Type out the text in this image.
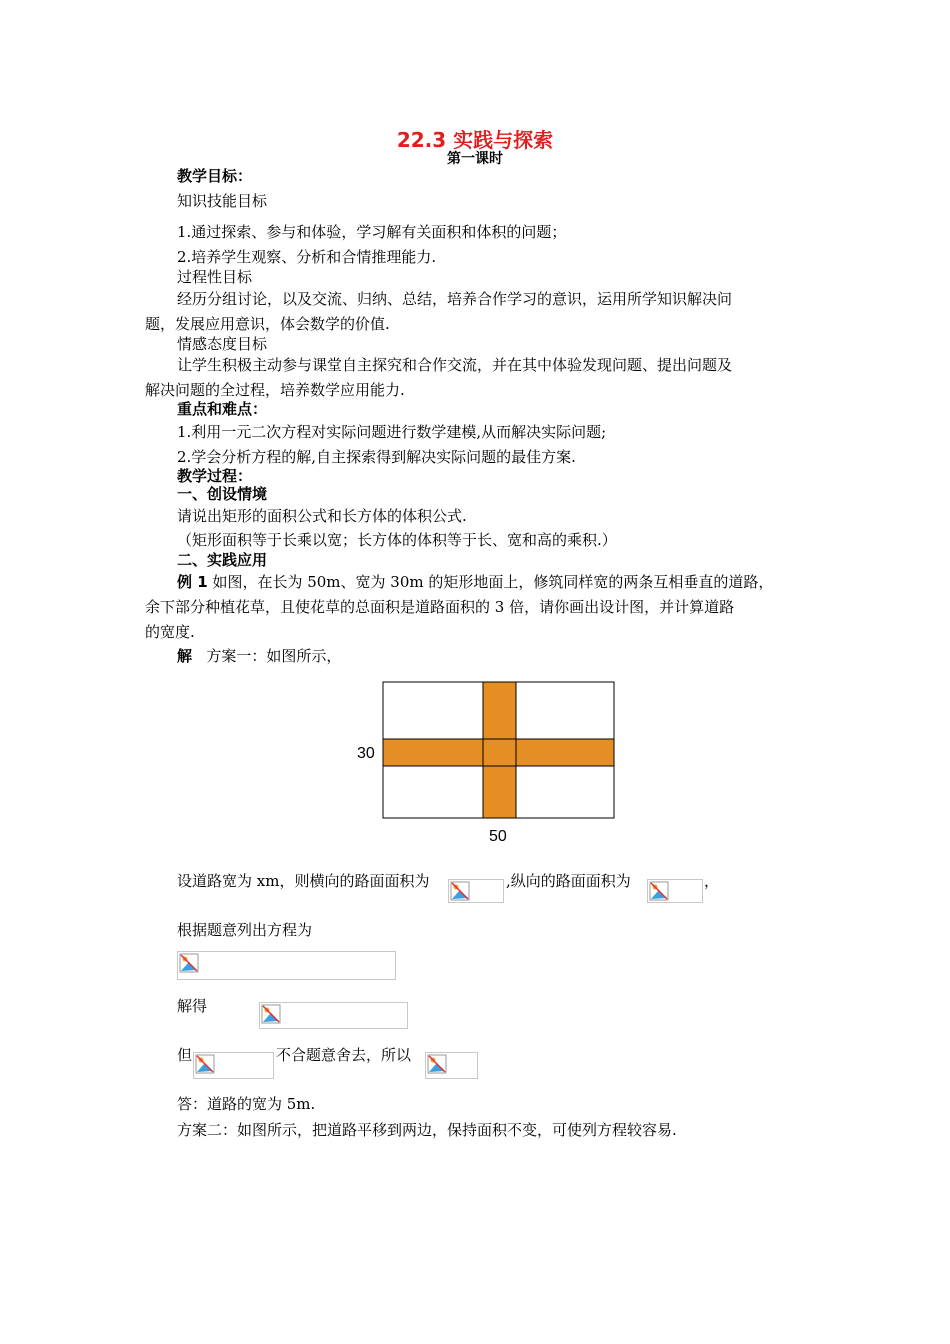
22.3 实践与探索
第一课时
教学目标：
知识技能目标
1.通过探索、参与和体验，学习解有关面积和体积的问题；
2.培养学生观察、分析和合情推理能力.
过程性目标
经历分组讨论，以及交流、归纳、总结，培养合作学习的意识，运用所学知识解决问
题，发展应用意识，体会数学的价值.
情感态度目标
让学生积极主动参与课堂自主探究和合作交流，并在其中体验发现问题、提出问题及
解决问题的全过程，培养数学应用能力.
重点和难点：
1.利用一元二次方程对实际问题进行数学建模,从而解决实际问题;
2.学会分析方程的解,自主探索得到解决实际问题的最佳方案.
教学过程：
一、创设情境
请说出矩形的面积公式和长方体的体积公式.
（矩形面积等于长乘以宽；长方体的体积等于长、宽和高的乘积.）
二、实践应用
例 1 如图，在长为 50m、宽为 30m 的矩形地面上，修筑同样宽的两条互相垂直的道路，
余下部分种植花草，且使花草的总面积是道路面积的 3 倍，请你画出设计图，并计算道路
的宽度.
解 方案一：如图所示，
30
50
设道路宽为 xm，则横向的路面面积为	,纵向的路面面积为	，
根据题意列出方程为
解得
但	不合题意舍去，所以
答：道路的宽为 5m.
方案二：如图所示，把道路平移到两边，保持面积不变，可使列方程较容易.
